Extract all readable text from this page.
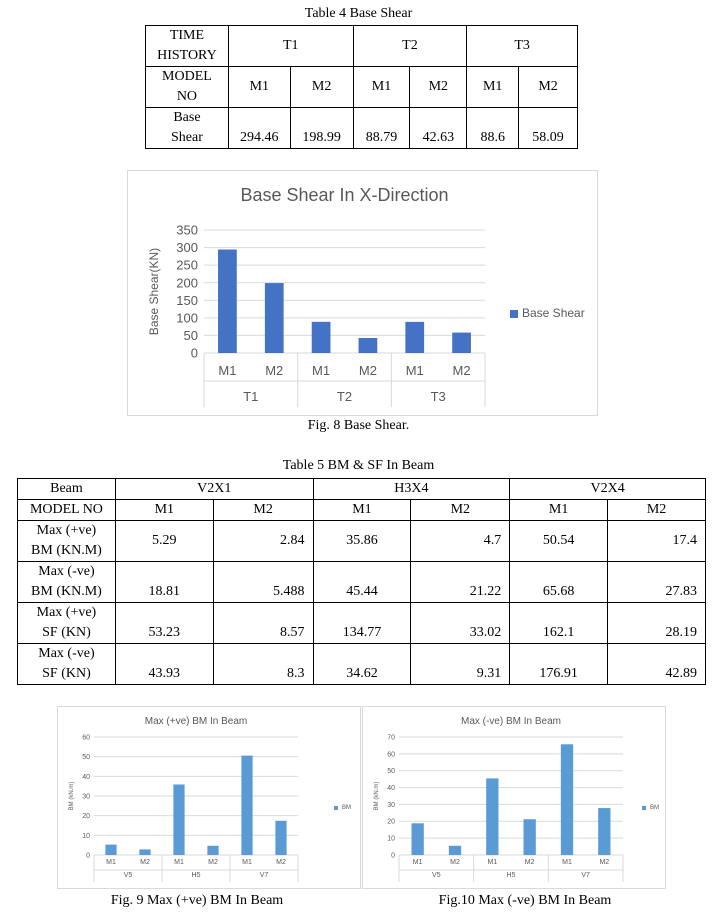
Table 4 Base Shear
TIME
HISTORY	T1		T2		T3	
MODEL
NO	M1	M2	M1	M2	M1	M2
Base
Shear	294.46	198.99	88.79	42.63	88.6	58.09
Base Shear In X-Direction
0
50
100
150
200
250
300
350
Base Shear(KN)
M1 M2 M1 M2 M1 M2
T1	T2	T3
Base Shear
Fig. 8 Base Shear.
Table 5 BM & SF In Beam
Beam	V2X1		H3X4		V2X4	
MODEL NO	M1	M2	M1	M2	M1	M2
Max (+ve)
BM (KN.M)	5.29	2.84	35.86	4.7	50.54	17.4
Max (-ve)
BM (KN.M)	18.81	5.488	45.44	21.22	65.68	27.83
Max (+ve)
SF (KN)	53.23	8.57	134.77	33.02	162.1	28.19
Max (-ve)
SF (KN)	43.93	8.3	34.62	9.31	176.91	42.89
Max (+ve) BM In Beam
0
10
20
30
40
50
60
BM (kN.m)
M1	M2	M1	M2	M1	M2
V5	H5	V7
BM
Max (-ve) BM In Beam
0
10
20
30
40
50
60
70
BM (kN.m)
M1	M2	M1	M2	M1	M2
V5	H5	V7
BM
Fig. 9 Max (+ve) BM In Beam	Fig.10 Max (-ve) BM In Beam
